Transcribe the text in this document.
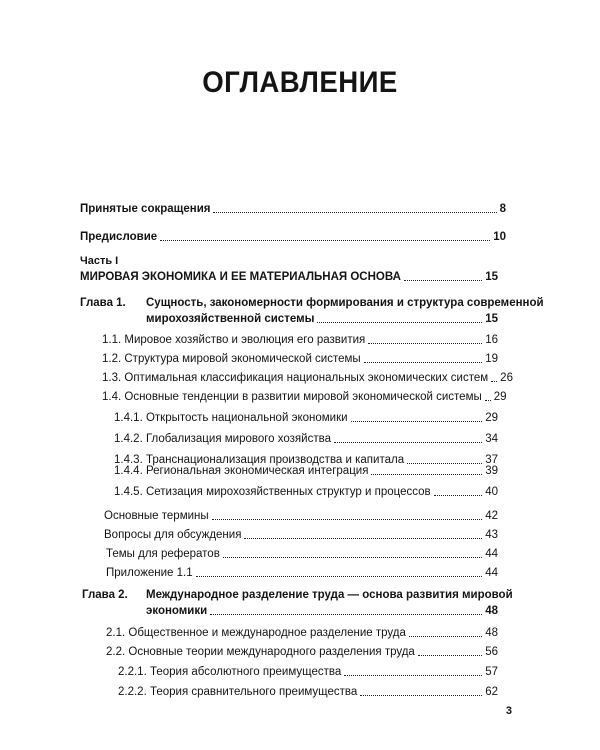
ОГЛАВЛЕНИЕ
Принятые сокращения	8
Предисловие	10
Часть I
МИРОВАЯ ЭКОНОМИКА И ЕЕ МАТЕРИАЛЬНАЯ ОСНОВА	15
Глава 1. Сущность, закономерности формирования и структура современной
мирохозяйственной системы	15
1.1. Мировое хозяйство и эволюция его развития	16
1.2. Структура мировой экономической системы	19
1.3. Оптимальная классификация национальных экономических систем 26
1.4. Основные тенденции в развитии мировой экономической системы 29
1.4.1. Открытость национальной экономики	29
1.4.2. Глобализация мирового хозяйства	34
1.4.3. Транснационализация производства и капитала	37
1.4.4. Региональная экономическая интеграция	39
1.4.5. Сетизация мирохозяйственных структур и процессов	40
Основные термины	42
Вопросы для обсуждения	43
Темы для рефератов	44
Приложение 1.1	44
Глава 2. Международное разделение труда — основа развития мировой
экономики	48
2.1. Общественное и международное разделение труда	48
2.2. Основные теории международного разделения труда	56
2.2.1. Теория абсолютного преимущества	57
2.2.2. Теория сравнительного преимущества	62
3
